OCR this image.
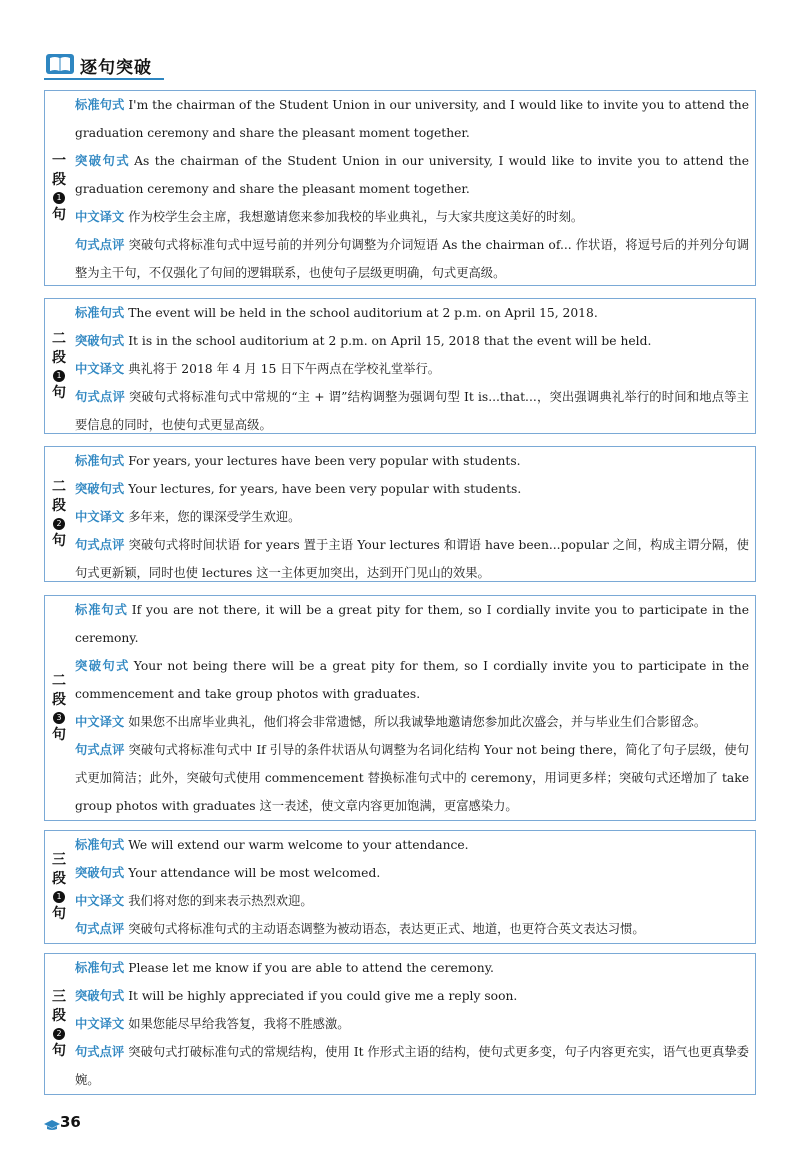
逐句突破
一
段
1
句
标准句式 I'm the chairman of the Student Union in our university, and I would like to invite you to attend the graduation ceremony and share the pleasant moment together.
突破句式 As the chairman of the Student Union in our university, I would like to invite you to attend the graduation ceremony and share the pleasant moment together.
中文译文 作为校学生会主席，我想邀请您来参加我校的毕业典礼，与大家共度这美好的时刻。
句式点评 突破句式将标准句式中逗号前的并列分句调整为介词短语 As the chairman of... 作状语，将逗号后的并列分句调整为主干句，不仅强化了句间的逻辑联系，也使句子层级更明确，句式更高级。
二
段
1
句
标准句式 The event will be held in the school auditorium at 2 p.m. on April 15, 2018.
突破句式 It is in the school auditorium at 2 p.m. on April 15, 2018 that the event will be held.
中文译文 典礼将于 2018 年 4 月 15 日下午两点在学校礼堂举行。
句式点评 突破句式将标准句式中常规的“主 + 谓”结构调整为强调句型 It is...that...，突出强调典礼举行的时间和地点等主要信息的同时，也使句式更显高级。
二
段
2
句
标准句式 For years, your lectures have been very popular with students.
突破句式 Your lectures, for years, have been very popular with students.
中文译文 多年来，您的课深受学生欢迎。
句式点评 突破句式将时间状语 for years 置于主语 Your lectures 和谓语 have been...popular 之间，构成主谓分隔，使句式更新颖，同时也使 lectures 这一主体更加突出，达到开门见山的效果。
二
段
3
句
标准句式 If you are not there, it will be a great pity for them, so I cordially invite you to participate in the ceremony.
突破句式 Your not being there will be a great pity for them, so I cordially invite you to participate in the commencement and take group photos with graduates.
中文译文 如果您不出席毕业典礼，他们将会非常遗憾，所以我诚挚地邀请您参加此次盛会，并与毕业生们合影留念。
句式点评 突破句式将标准句式中 If 引导的条件状语从句调整为名词化结构 Your not being there，简化了句子层级，使句式更加简洁；此外，突破句式使用 commencement 替换标准句式中的 ceremony，用词更多样；突破句式还增加了 take group photos with graduates 这一表述，使文章内容更加饱满，更富感染力。
三
段
1
句
标准句式 We will extend our warm welcome to your attendance.
突破句式 Your attendance will be most welcomed.
中文译文 我们将对您的到来表示热烈欢迎。
句式点评 突破句式将标准句式的主动语态调整为被动语态，表达更正式、地道，也更符合英文表达习惯。
三
段
2
句
标准句式 Please let me know if you are able to attend the ceremony.
突破句式 It will be highly appreciated if you could give me a reply soon.
中文译文 如果您能尽早给我答复，我将不胜感激。
句式点评 突破句式打破标准句式的常规结构，使用 It 作形式主语的结构，使句式更多变，句子内容更充实，语气也更真挚委婉。
36
